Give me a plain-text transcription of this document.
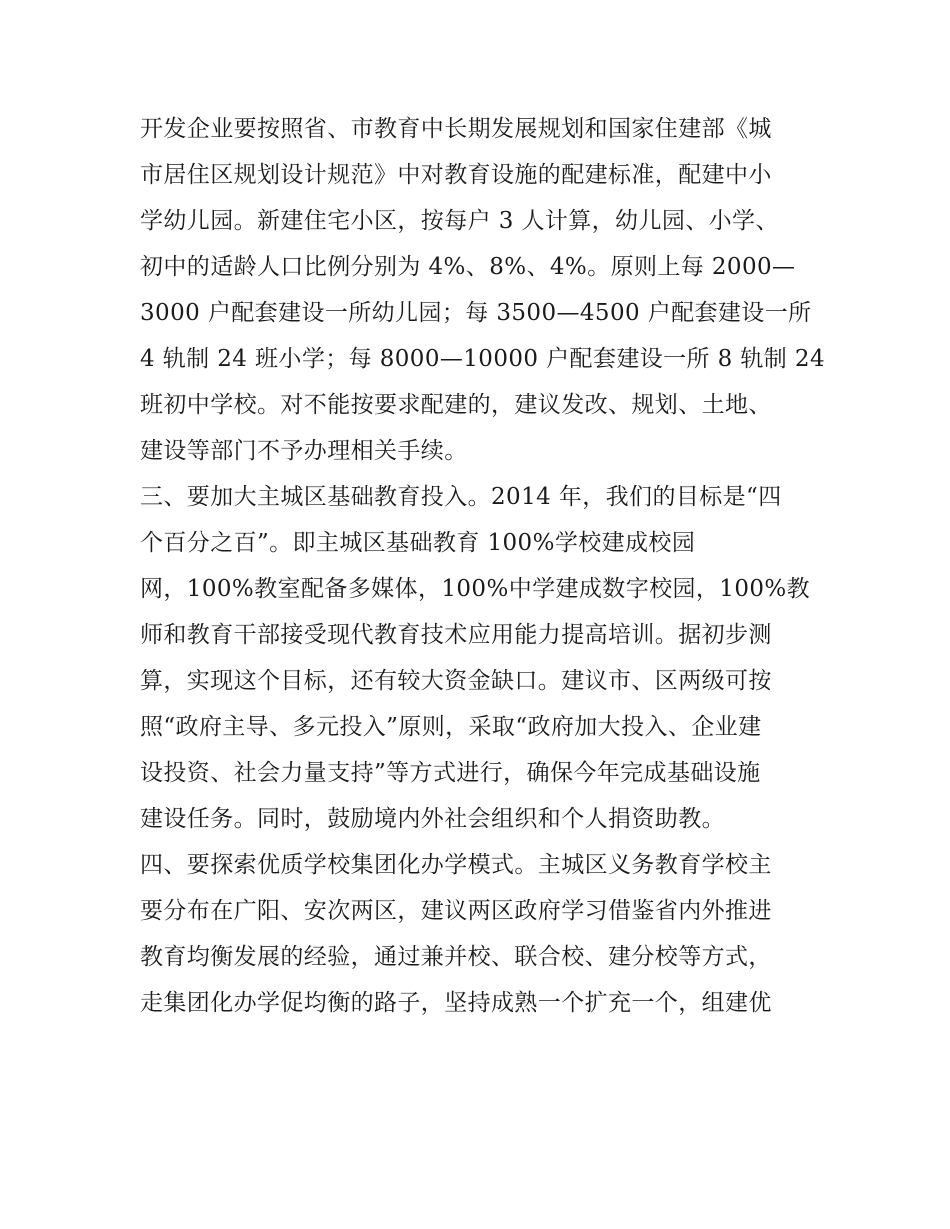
开发企业要按照省、市教育中长期发展规划和国家住建部《城
市居住区规划设计规范》中对教育设施的配建标准，配建中小
学幼儿园。新建住宅小区，按每户 3 人计算，幼儿园、小学、
初中的适龄人口比例分别为 4%、8%、4%。原则上每 2000—
3000 户配套建设一所幼儿园；每 3500—4500 户配套建设一所
4 轨制 24 班小学；每 8000—10000 户配套建设一所 8 轨制 24
班初中学校。对不能按要求配建的，建议发改、规划、土地、
建设等部门不予办理相关手续。
三、要加大主城区基础教育投入。2014 年，我们的目标是“四
个百分之百”。即主城区基础教育 100%学校建成校园
网，100%教室配备多媒体，100%中学建成数字校园，100%教
师和教育干部接受现代教育技术应用能力提高培训。据初步测
算，实现这个目标，还有较大资金缺口。建议市、区两级可按
照“政府主导、多元投入”原则，采取“政府加大投入、企业建
设投资、社会力量支持”等方式进行，确保今年完成基础设施
建设任务。同时，鼓励境内外社会组织和个人捐资助教。
四、要探索优质学校集团化办学模式。主城区义务教育学校主
要分布在广阳、安次两区，建议两区政府学习借鉴省内外推进
教育均衡发展的经验，通过兼并校、联合校、建分校等方式，
走集团化办学促均衡的路子，坚持成熟一个扩充一个，组建优
